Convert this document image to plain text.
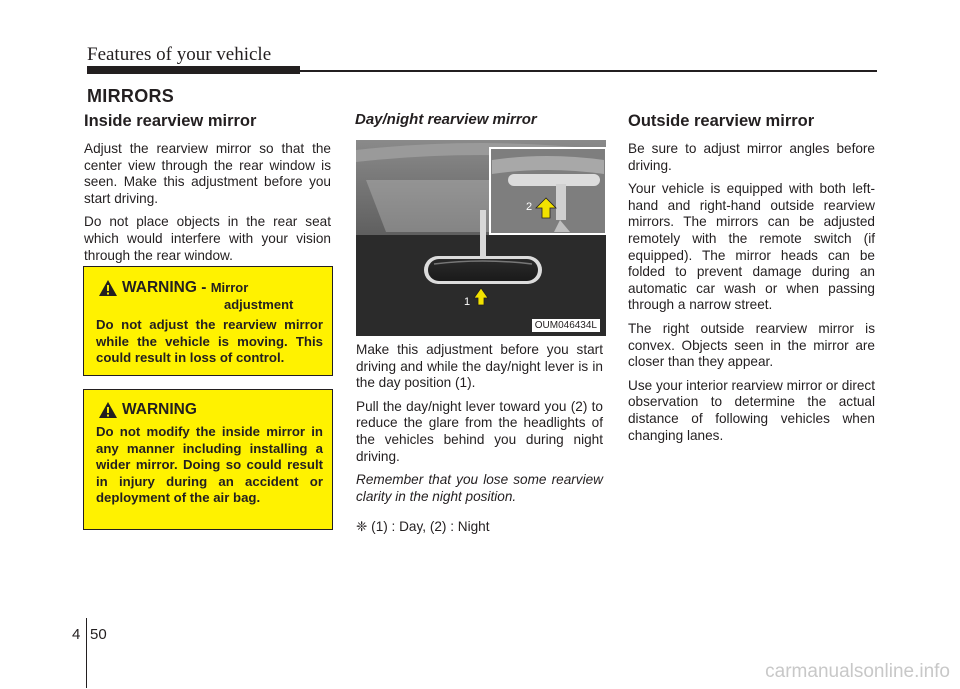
Features of your vehicle
MIRRORS
Inside rearview mirror

Adjust the rearview mirror so that the center view through the rear window is seen. Make this adjustment before you start driving.

Do not place objects in the rear seat which would interfere with your vision through the rear window.

WARNING - Mirror
adjustment
Do not adjust the rearview mirror while the vehicle is moving. This could result in loss of control.
WARNING
Do not modify the inside mirror in any manner including installing a wider mirror. Doing so could result in injury during an accident or deployment of the air bag.
Day/night rearview mirror
1
2
OUM046434L

Make this adjustment before you start driving and while the day/night lever is in the day position (1).

Pull the day/night lever toward you (2) to reduce the glare from the headlights of the vehicles behind you during night driving.

Remember that you lose some rearview clarity in the night position.

❈ (1) : Day, (2) : Night

Outside rearview mirror

Be sure to adjust mirror angles before driving.

Your vehicle is equipped with both left-hand and right-hand outside rearview mirrors. The mirrors can be adjusted remotely with the remote switch (if equipped). The mirror heads can be folded to prevent damage during an automatic car wash or when passing through a narrow street.

The right outside rearview mirror is convex. Objects seen in the mirror are closer than they appear.

Use your interior rearview mirror or direct observation to determine the actual distance of following vehicles when changing lanes.

4 50
carmanualsonline.info
